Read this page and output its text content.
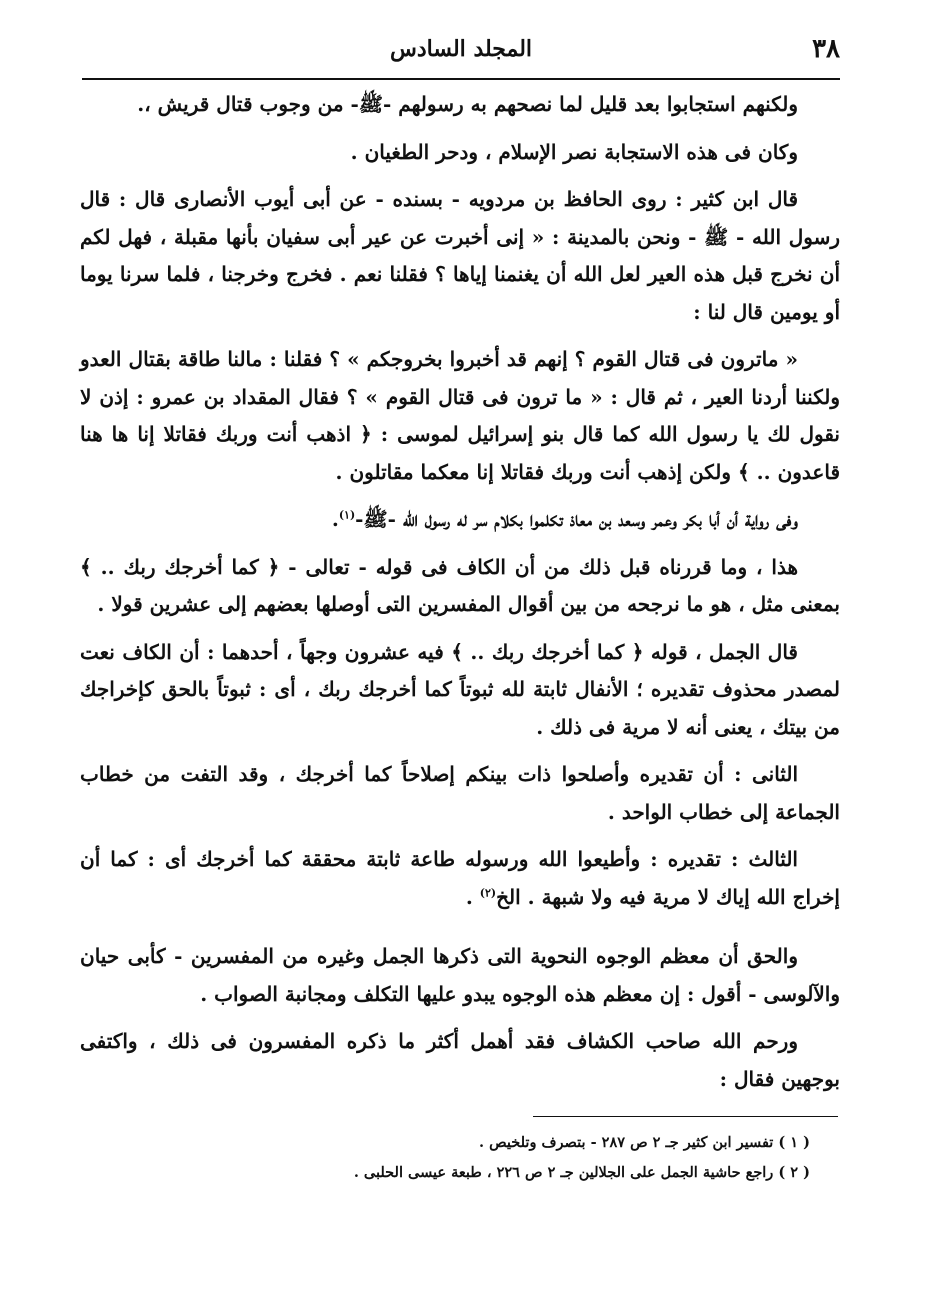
٣٨
المجلد السادس

ولكنهم استجابوا بعد قليل لما نصحهم به رسولهم -ﷺ- من وجوب قتال قريش ،.

وكان فى هذه الاستجابة نصر الإسلام ، ودحر الطغيان .

قال ابن كثير : روى الحافظ بن مردويه - بسنده - عن أبى أيوب الأنصارى قال : قال رسول الله - ﷺ - ونحن بالمدينة : « إنى أخبرت عن عير أبى سفيان بأنها مقبلة ، فهل لكم أن نخرج قبل هذه العير لعل الله أن يغنمنا إياها ؟ فقلنا نعم . فخرج وخرجنا ، فلما سرنا يوما أو يومين قال لنا :

« ماترون فى قتال القوم ؟ إنهم قد أخبروا بخروجكم » ؟ فقلنا : مالنا طاقة بقتال العدو ولكننا أردنا العير ، ثم قال : « ما ترون فى قتال القوم » ؟ فقال المقداد بن عمرو : إذن لا نقول لك يا رسول الله كما قال بنو إسرائيل لموسى : ﴿ اذهب أنت وربك فقاتلا إنا ها هنا قاعدون .. ﴾ ولكن إذهب أنت وربك فقاتلا إنا معكما مقاتلون .

وفى رواية أن أبا بكر وعمر وسعد بن معاذ تكلموا بكلام سر له رسول الله -ﷺ-$^{(١)}$.

هذا ، وما قررناه قبل ذلك من أن الكاف فى قوله - تعالى - ﴿ كما أخرجك ربك .. ﴾ بمعنى مثل ، هو ما نرجحه من بين أقوال المفسرين التى أوصلها بعضهم إلى عشرين قولا .

قال الجمل ، قوله ﴿ كما أخرجك ربك .. ﴾ فيه عشرون وجهاً ، أحدهما : أن الكاف نعت لمصدر محذوف تقديره ؛ الأنفال ثابتة لله ثبوتاً كما أخرجك ربك ، أى : ثبوتاً بالحق كإخراجك من بيتك ، يعنى أنه لا مرية فى ذلك .

الثانى : أن تقديره وأصلحوا ذات بينكم إصلاحاً كما أخرجك ، وقد التفت من خطاب الجماعة إلى خطاب الواحد .

الثالث : تقديره : وأطيعوا الله ورسوله طاعة ثابتة محققة كما أخرجك أى : كما أن إخراج الله إياك لا مرية فيه ولا شبهة . الخ$^{(٢)}$ .

والحق أن معظم الوجوه النحوية التى ذكرها الجمل وغيره من المفسرين - كأبى حيان والآلوسى - أقول : إن معظم هذه الوجوه يبدو عليها التكلف ومجانبة الصواب .

ورحم الله صاحب الكشاف فقد أهمل أكثر ما ذكره المفسرون فى ذلك ، واكتفى بوجهين فقال :

( ١ ) تفسير ابن كثير جـ ٢ ص ٢٨٧ - بتصرف وتلخيص .

( ٢ ) راجع حاشية الجمل على الجلالين جـ ٢ ص ٢٢٦ ، طبعة عيسى الحلبى .
